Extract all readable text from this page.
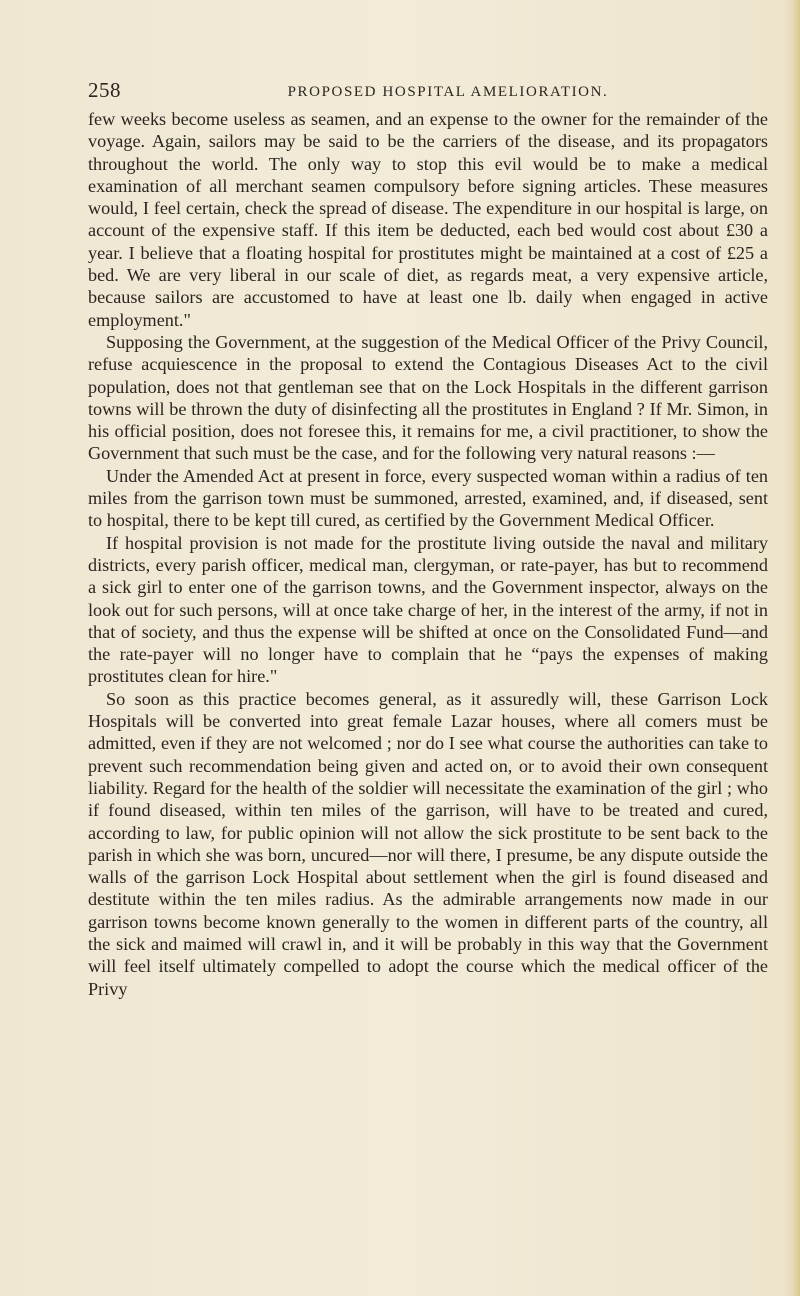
258	PROPOSED HOSPITAL AMELIORATION.

few weeks become useless as seamen, and an expense to the owner for the remainder of the voyage. Again, sailors may be said to be the carriers of the disease, and its propagators throughout the world. The only way to stop this evil would be to make a medical examination of all merchant seamen compulsory before signing articles. These measures would, I feel certain, check the spread of disease. The expenditure in our hospital is large, on account of the expensive staff. If this item be deducted, each bed would cost about £30 a year. I believe that a floating hospital for prostitutes might be maintained at a cost of £25 a bed. We are very liberal in our scale of diet, as regards meat, a very expensive article, because sailors are accustomed to have at least one lb. daily when engaged in active employment."

Supposing the Government, at the suggestion of the Medical Officer of the Privy Council, refuse acquiescence in the proposal to extend the Contagious Diseases Act to the civil population, does not that gentleman see that on the Lock Hospitals in the different garrison towns will be thrown the duty of disinfecting all the prostitutes in England ? If Mr. Simon, in his official position, does not foresee this, it remains for me, a civil practitioner, to show the Government that such must be the case, and for the following very natural reasons :—

Under the Amended Act at present in force, every suspected woman within a radius of ten miles from the garrison town must be summoned, arrested, examined, and, if diseased, sent to hospital, there to be kept till cured, as certified by the Government Medical Officer.

If hospital provision is not made for the prostitute living outside the naval and military districts, every parish officer, medical man, clergyman, or rate-payer, has but to recommend a sick girl to enter one of the garrison towns, and the Government inspector, always on the look out for such persons, will at once take charge of her, in the interest of the army, if not in that of society, and thus the expense will be shifted at once on the Consolidated Fund—and the rate-payer will no longer have to complain that he “pays the expenses of making prostitutes clean for hire."

So soon as this practice becomes general, as it assuredly will, these Garrison Lock Hospitals will be converted into great female Lazar houses, where all comers must be admitted, even if they are not welcomed ; nor do I see what course the authorities can take to prevent such recommendation being given and acted on, or to avoid their own consequent liability. Regard for the health of the soldier will necessitate the examination of the girl ; who if found diseased, within ten miles of the garrison, will have to be treated and cured, according to law, for public opinion will not allow the sick prostitute to be sent back to the parish in which she was born, uncured—nor will there, I presume, be any dispute outside the walls of the garrison Lock Hospital about settlement when the girl is found diseased and destitute within the ten miles radius. As the admirable arrangements now made in our garrison towns become known generally to the women in different parts of the country, all the sick and maimed will crawl in, and it will be probably in this way that the Government will feel itself ultimately compelled to adopt the course which the medical officer of the Privy
